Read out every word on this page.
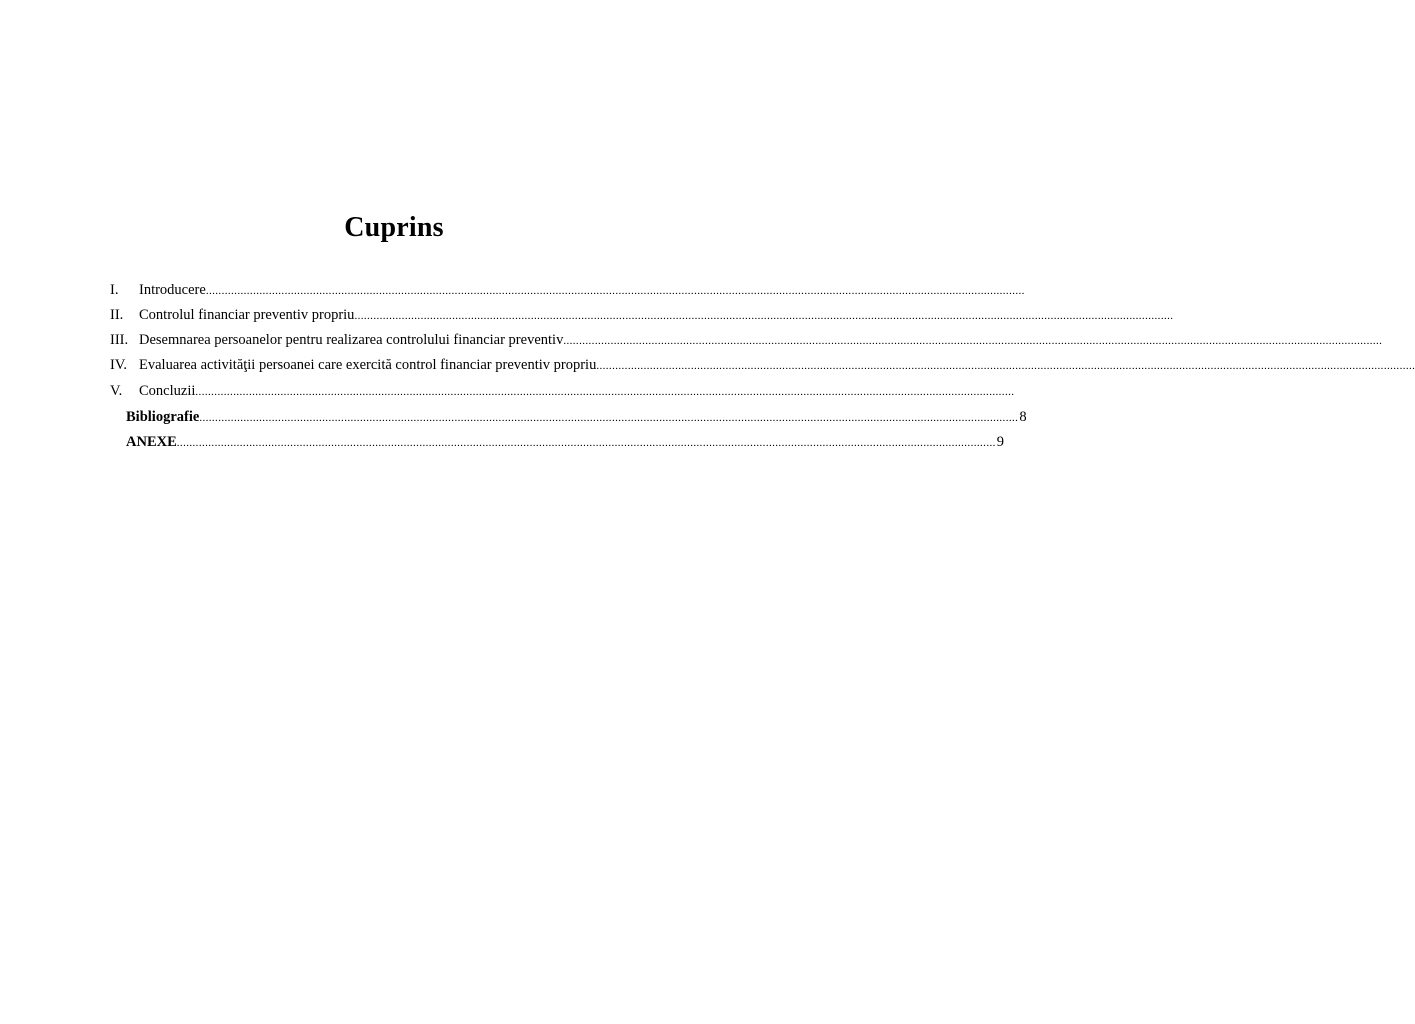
Cuprins
I.	Introducere ....................................................................................................................................................................................................................................................................
II.	Controlul financiar preventiv propriu ....................................................................................................................................................................................................................................................................
III. Desemnarea persoanelor pentru realizarea controlului financiar preventiv ....................................................................................................................................................................................................................................................................
IV. Evaluarea activităţii persoanei care exercită control financiar preventiv propriu ....................................................................................................................................................................................................................................................................
V.	Concluzii ....................................................................................................................................................................................................................................................................
Bibliografie .................................................................................................................................................................................................................................................................... 8
ANEXE .................................................................................................................................................................................................................................................................... 9
